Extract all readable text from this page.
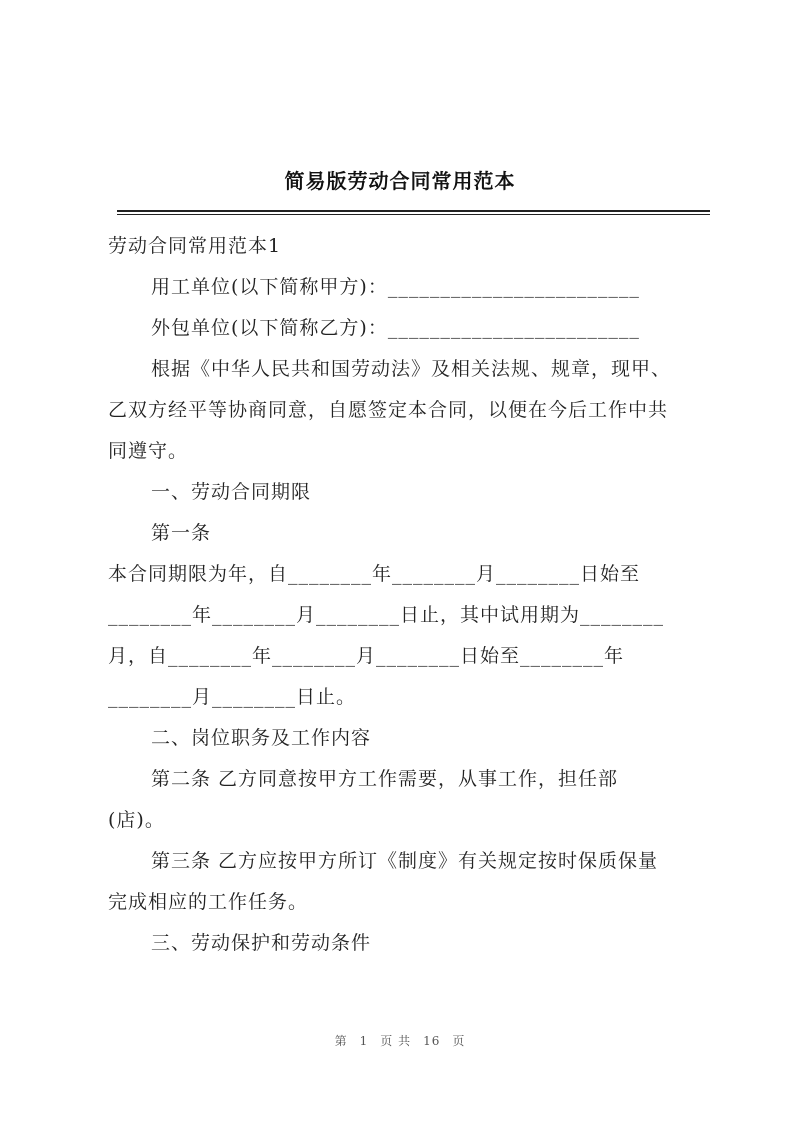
简易版劳动合同常用范本

劳动合同常用范本1

用工单位(以下简称甲方)：________________________

外包单位(以下简称乙方)：________________________

根据《中华人民共和国劳动法》及相关法规、规章，现甲、

乙双方经平等协商同意，自愿签定本合同，以便在今后工作中共

同遵守。

一、劳动合同期限

第一条

本合同期限为年，自________年________月________日始至

________年________月________日止，其中试用期为________

月，自________年________月________日始至________年

________月________日止。

二、岗位职务及工作内容

第二条 乙方同意按甲方工作需要，从事工作，担任部

(店)。

第三条 乙方应按甲方所订《制度》有关规定按时保质保量

完成相应的工作任务。

三、劳动保护和劳动条件

第 1 页 共 16 页
